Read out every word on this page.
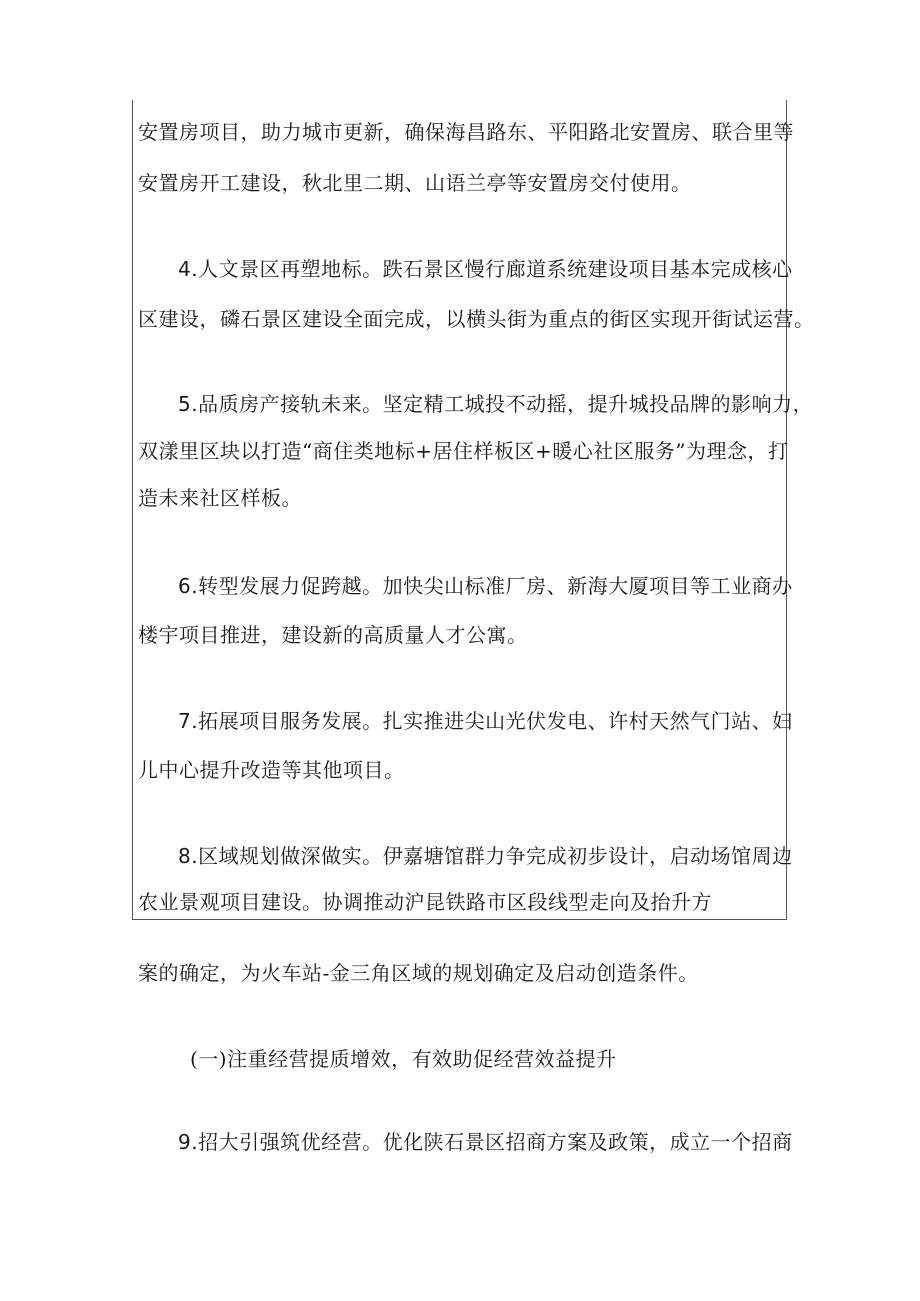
安置房项目，助力城市更新，确保海昌路东、平阳路北安置房、联合里等
安置房开工建设，秋北里二期、山语兰亭等安置房交付使用。
4.人文景区再塑地标。跌石景区慢行廊道系统建设项目基本完成核心
区建设，磷石景区建设全面完成，以横头街为重点的街区实现开街试运营。
5.品质房产接轨未来。坚定精工城投不动摇，提升城投品牌的影响力，
双漾里区块以打造“商住类地标+居住样板区+暖心社区服务”为理念，打
造未来社区样板。
6.转型发展力促跨越。加快尖山标准厂房、新海大厦项目等工业商办
楼宇项目推进，建设新的高质量人才公寓。
7.拓展项目服务发展。扎实推进尖山光伏发电、许村天然气门站、妇
儿中心提升改造等其他项目。
8.区域规划做深做实。伊嘉塘馆群力争完成初步设计，启动场馆周边
农业景观项目建设。协调推动沪昆铁路市区段线型走向及抬升方
案的确定，为火车站-金三角区域的规划确定及启动创造条件。
(一)注重经营提质增效，有效助促经营效益提升
9.招大引强筑优经营。优化陕石景区招商方案及政策，成立一个招商
